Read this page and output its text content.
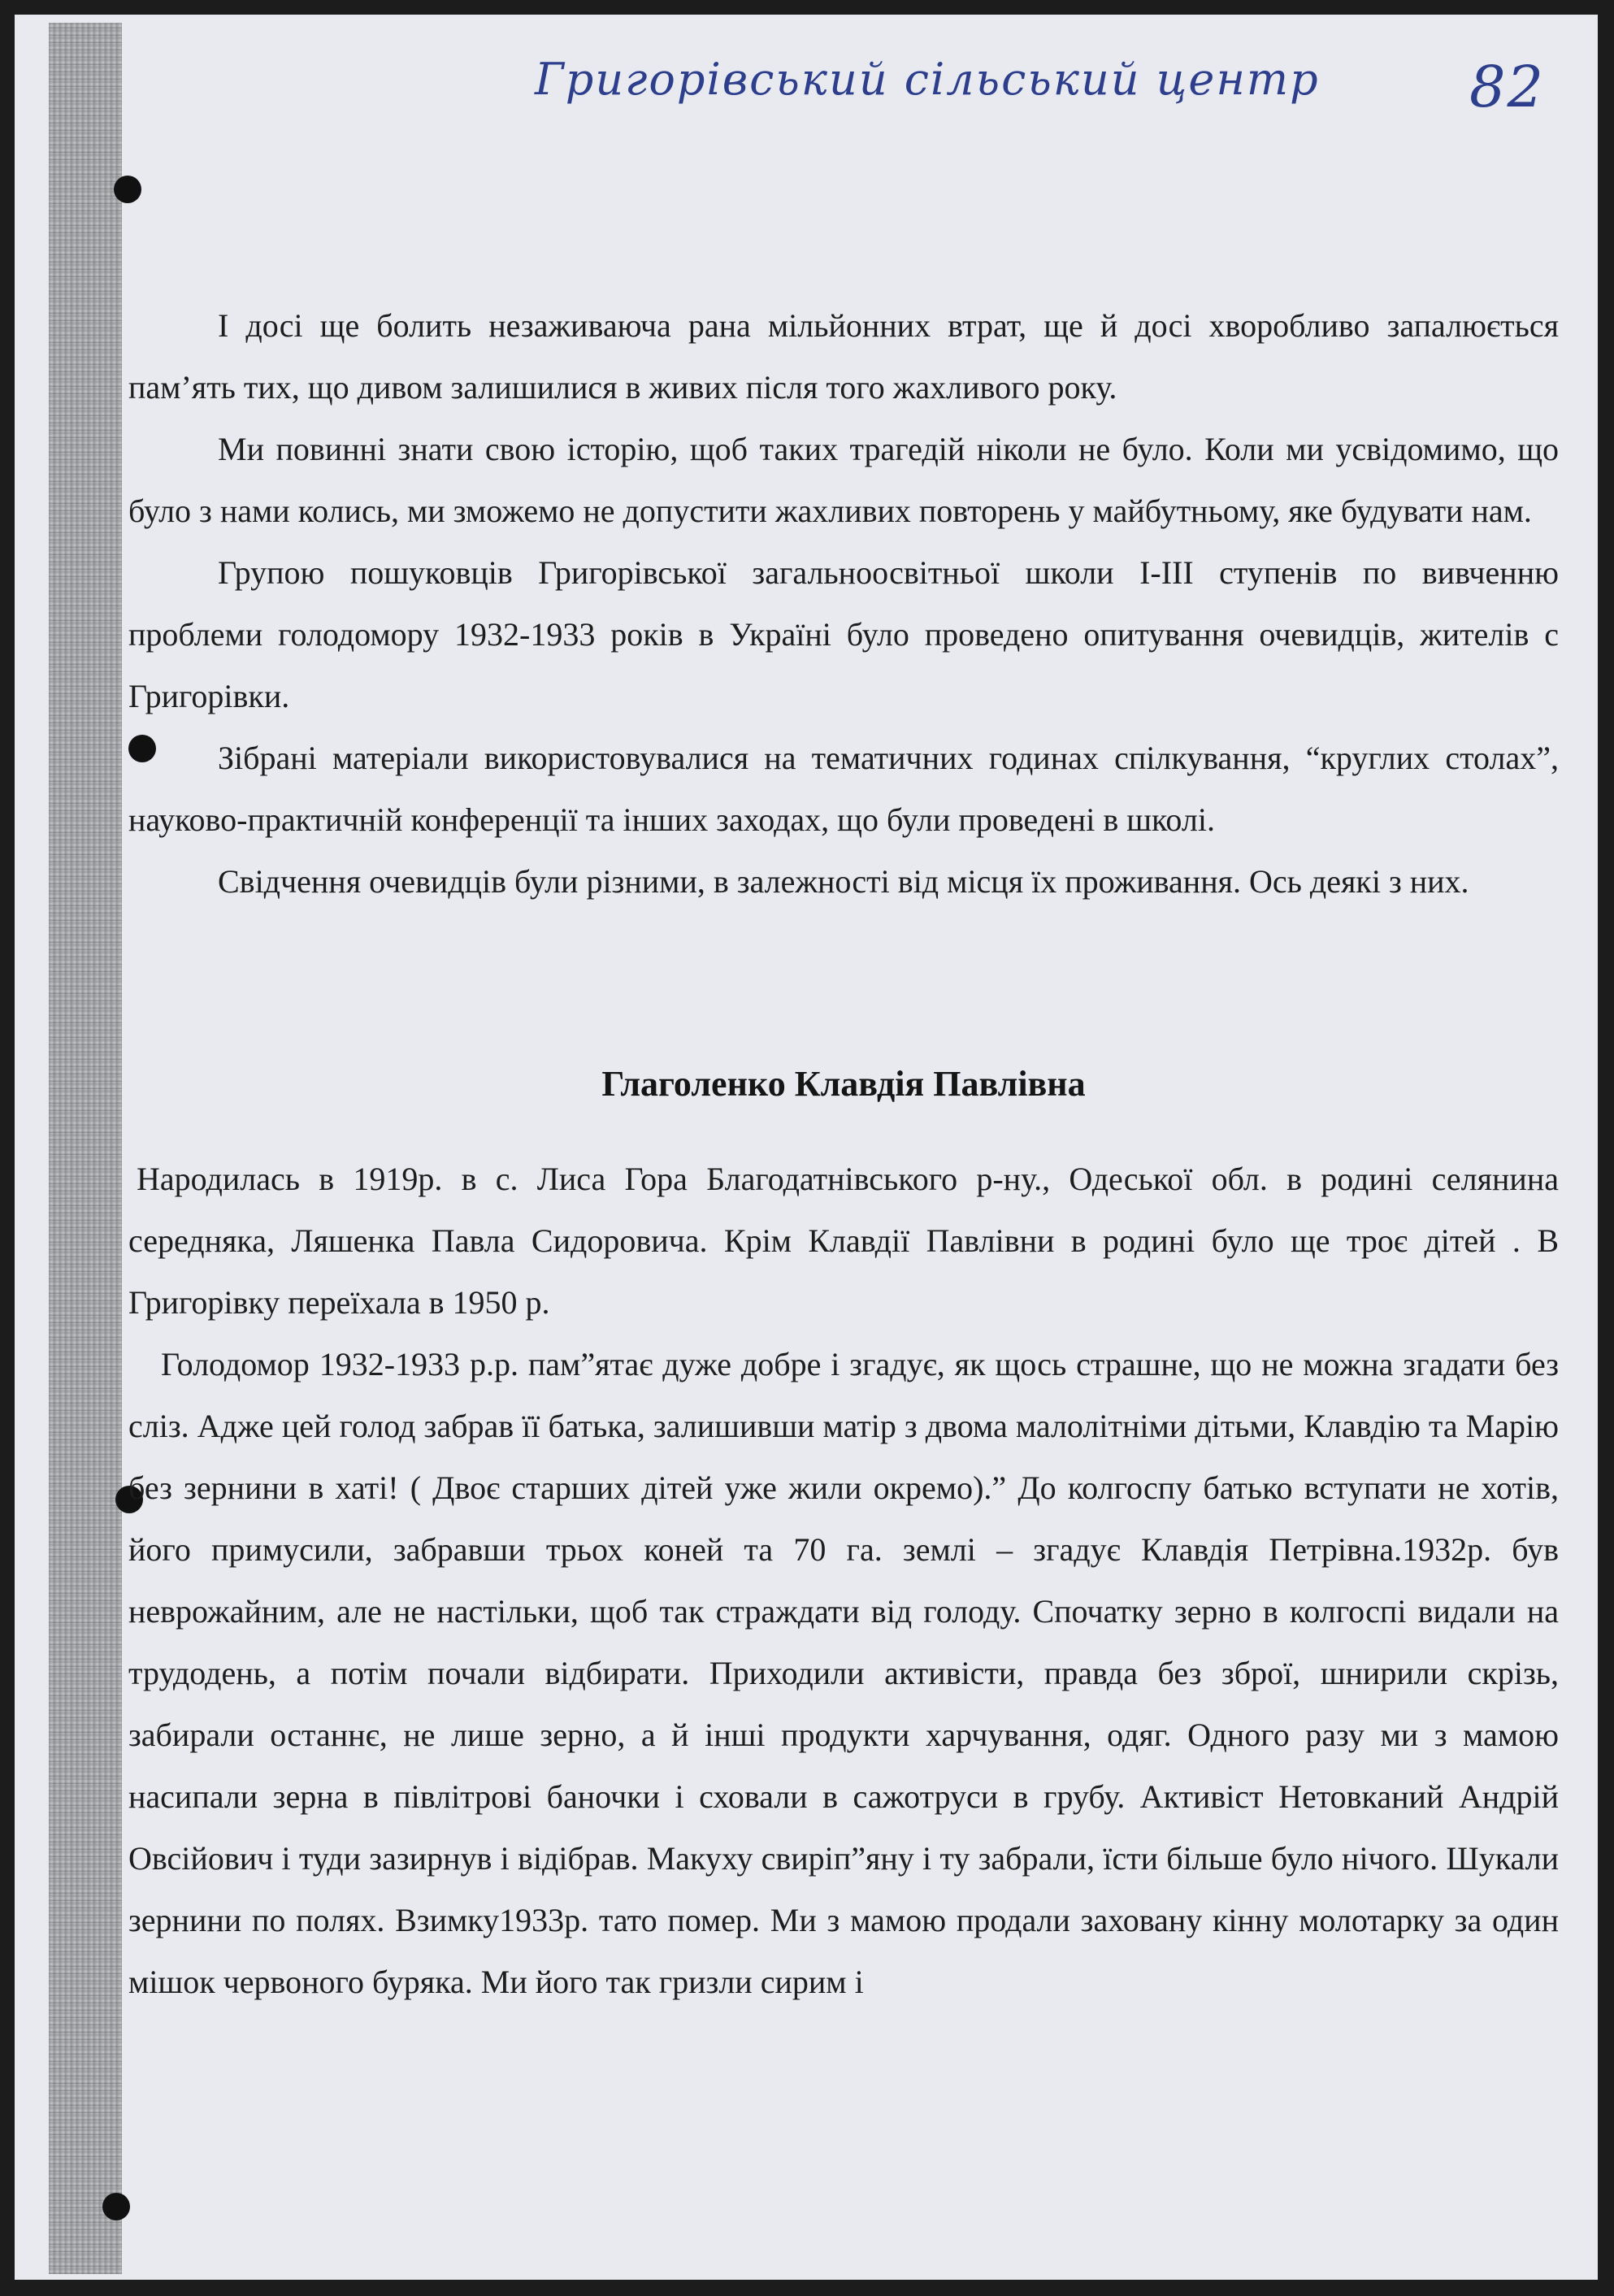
Григорівський сільський центр	82

І досі ще болить незаживаюча рана мільйонних втрат, ще й досі хворобливо запалюється пам’ять тих, що дивом залишилися в живих після того жахливого року.

Ми повинні знати свою історію, щоб таких трагедій ніколи не було. Коли ми усвідомимо, що було з нами колись, ми зможемо не допустити жахливих повторень у майбутньому, яке будувати нам.

Групою пошуковців Григорівської загальноосвітньої школи І-ІІІ ступенів по вивченню проблеми голодомору 1932-1933 років в Україні було проведено опитування очевидців, жителів с Григорівки.

Зібрані матеріали використовувалися на тематичних годинах спілкування, “круглих столах”, науково-практичній конференції та інших заходах, що були проведені в школі.

Свідчення очевидців були різними, в залежності від місця їх проживання. Ось деякі з них.

Глаголенко Клавдія Павлівна

Народилась в 1919р. в с. Лиса Гора Благодатнівського р-ну., Одеської обл. в родині селянина середняка, Ляшенка Павла Сидоровича. Крім Клавдії Павлівни в родині було ще троє дітей . В Григорівку переїхала в 1950 р.

Голодомор 1932-1933 р.р. пам”ятає дуже добре і згадує, як щось страшне, що не можна згадати без сліз. Адже цей голод забрав її батька, залишивши матір з двома малолітніми дітьми, Клавдію та Марію без зернини в хаті! ( Двоє старших дітей уже жили окремо).” До колгоспу батько вступати не хотів, його примусили, забравши трьох коней та 70 га. землі – згадує Клавдія Петрівна.1932р. був неврожайним, але не настільки, щоб так страждати від голоду. Спочатку зерно в колгоспі видали на трудодень, а потім почали відбирати. Приходили активісти, правда без зброї, шнирили скрізь, забирали останнє, не лише зерно, а й інші продукти харчування, одяг. Одного разу ми з мамою насипали зерна в півлітрові баночки і сховали в сажотруси в грубу. Активіст Нетовканий Андрій Овсійович і туди зазирнув і відібрав. Макуху свиріп”яну і ту забрали, їсти більше було нічого. Шукали зернини по полях. Взимку1933р. тато помер. Ми з мамою продали заховану кінну молотарку за один мішок червоного буряка. Ми його так гризли сирим і
